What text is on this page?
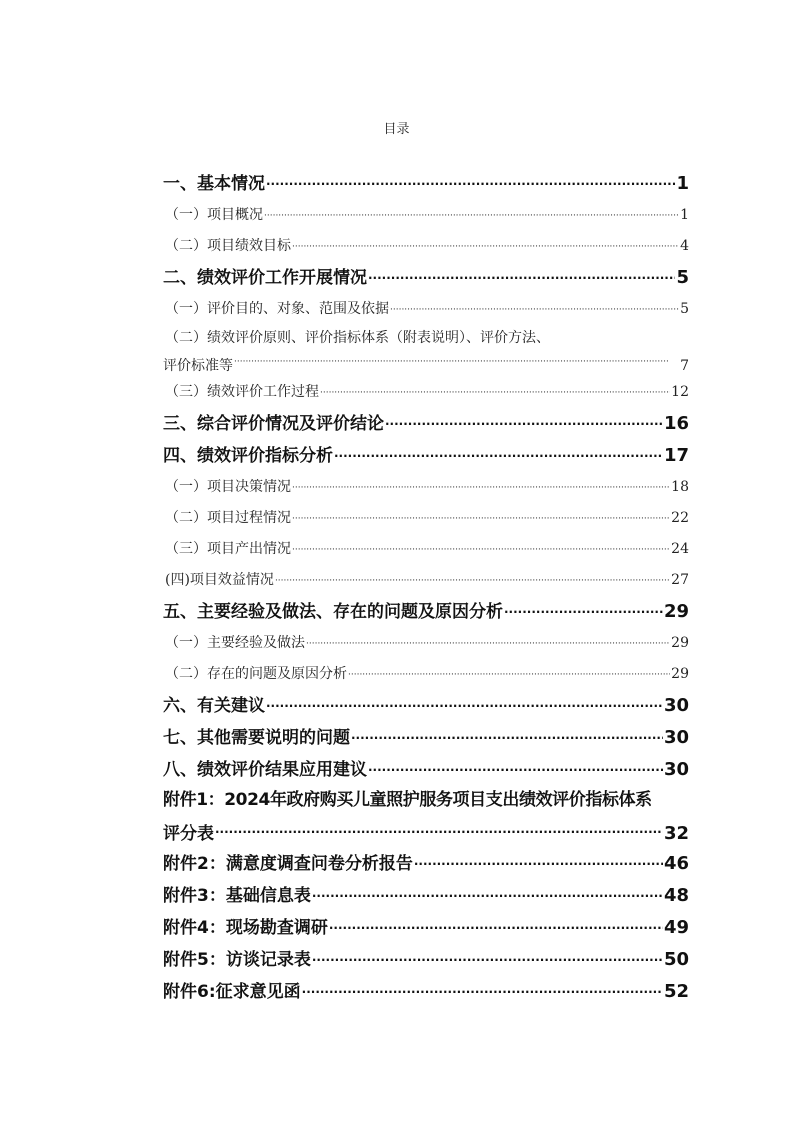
目录
一、基本情况 ·····	1
（一）项目概况 ·····	1
（二）项目绩效目标 ·····	4
二、绩效评价工作开展情况 ·····	5
（一）评价目的、对象、范围及依据 ·····	5
（二）绩效评价原则、评价指标体系（附表说明）、评价方法、
评价标准等 ·····	7
（三）绩效评价工作过程 ·····	12
三、综合评价情况及评价结论 ·····	16
四、绩效评价指标分析 ·····	17
（一）项目决策情况 ·····	18
（二）项目过程情况 ·····	22
（三）项目产出情况 ·····	24
(四)项目效益情况 ·····	27
五、主要经验及做法、存在的问题及原因分析 ·····	29
（一）主要经验及做法 ·····	29
（二）存在的问题及原因分析 ·····	29
六、有关建议 ·····	30
七、其他需要说明的问题 ·····	30
八、绩效评价结果应用建议 ·····	30
附件1：2024年政府购买儿童照护服务项目支出绩效评价指标体系
评分表 ·····	32
附件2：满意度调查问卷分析报告 ·····	46
附件3：基础信息表 ·····	48
附件4：现场勘查调研 ·····	49
附件5：访谈记录表 ·····	50
附件6:征求意见函 ·····	52
